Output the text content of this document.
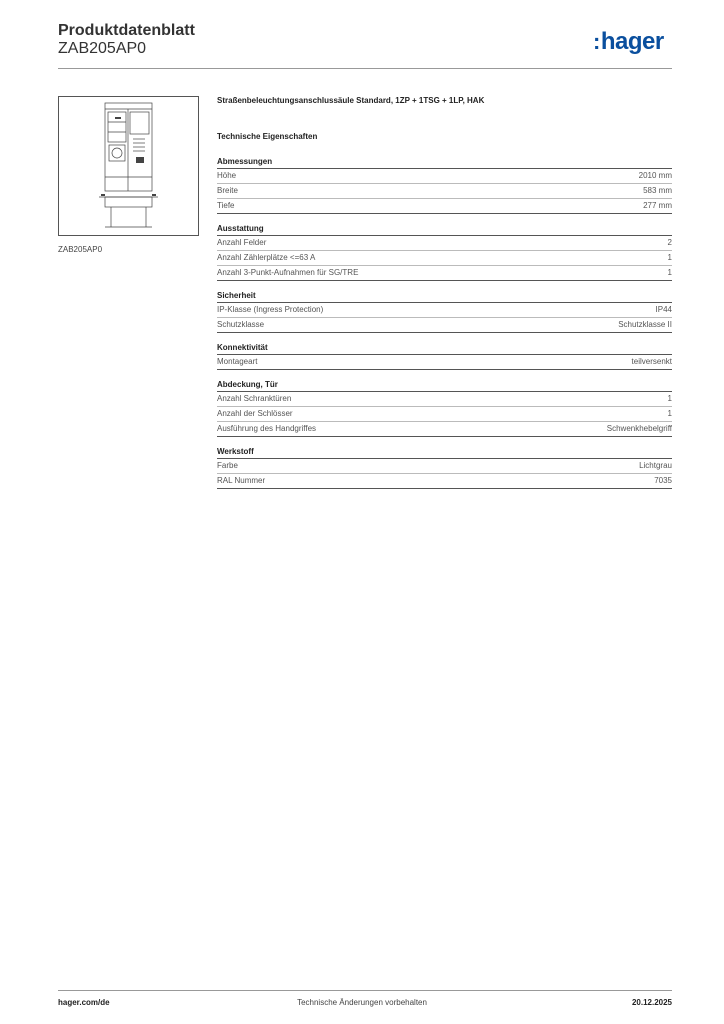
Produktdatenblatt
ZAB205AP0	:hager
ZAB205AP0
Straßenbeleuchtungsanschlussäule Standard, 1ZP + 1TSG + 1LP, HAK
Technische Eigenschaften
Abmessungen
Höhe	2010 mm
Breite	583 mm
Tiefe	277 mm
Ausstattung
Anzahl Felder	2
Anzahl Zählerplätze <=63 A	1
Anzahl 3-Punkt-Aufnahmen für SG/TRE	1
Sicherheit
IP-Klasse (Ingress Protection)	IP44
Schutzklasse	Schutzklasse II
Konnektivität
Montageart	teilversenkt
Abdeckung, Tür
Anzahl Schranktüren	1
Anzahl der Schlösser	1
Ausführung des Handgriffes	Schwenkhebelgriff
Werkstoff
Farbe	Lichtgrau
RAL Nummer	7035
hager.com/de	Technische Änderungen vorbehalten	20.12.2025
